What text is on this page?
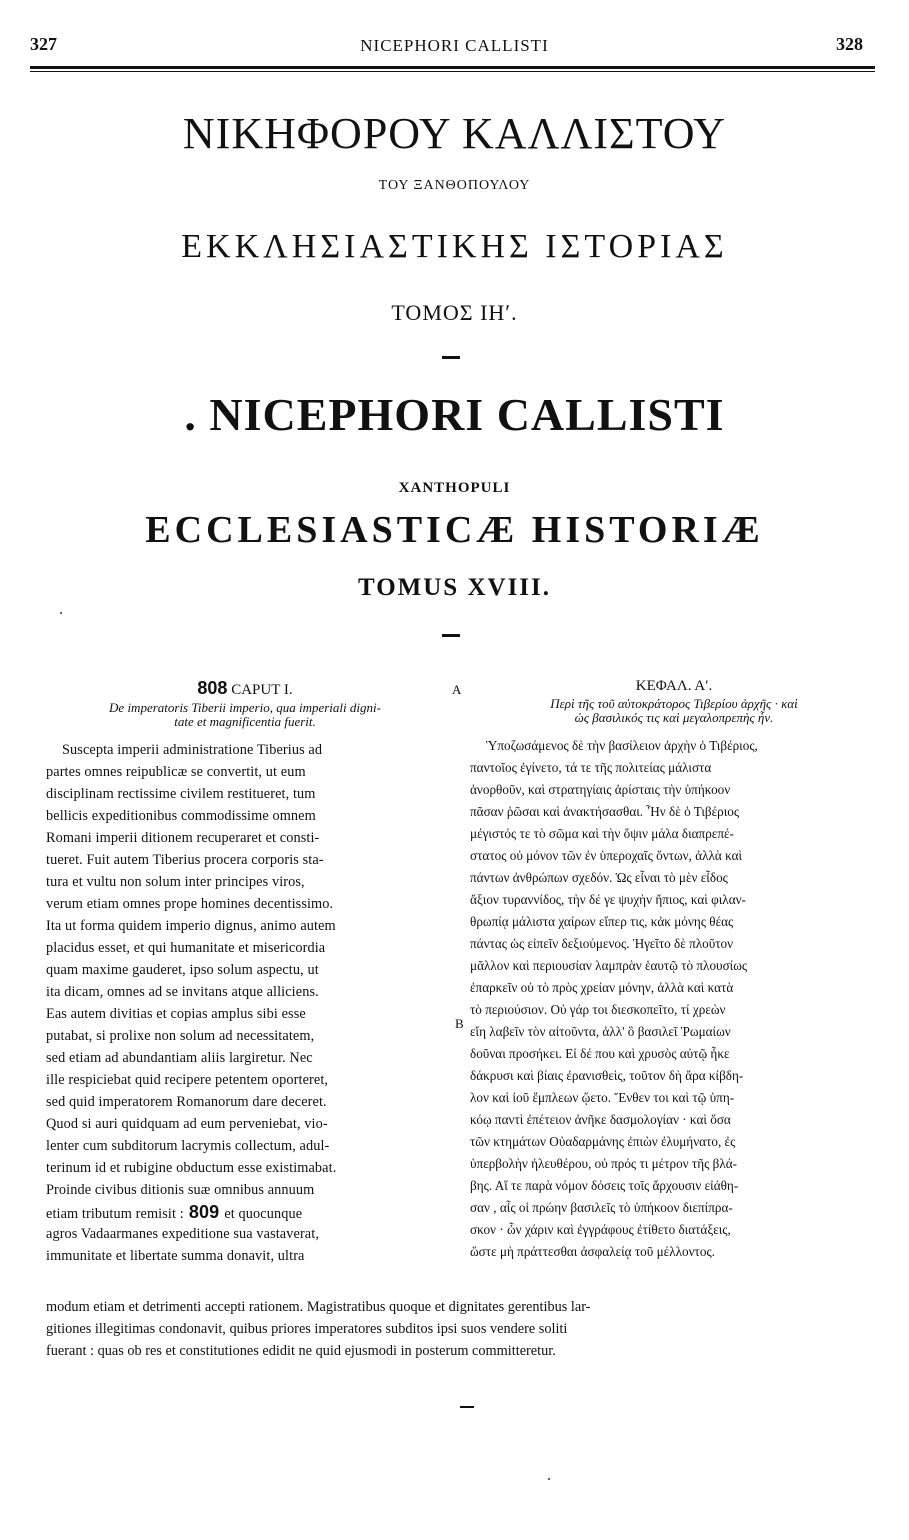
327	NICEPHORI CALLISTI	328
ΝΙΚΗΦΟΡΟΥ ΚΑΛΛΙΣΤΟΥ
ΤΟΥ ΞΑΝΘΟΠΟΥΛΟΥ
ΕΚΚΛΗΣΙΑΣΤΙΚΗΣ ΙΣΤΟΡΙΑΣ
ΤΟΜΟΣ ΙΗʹ.
. NICEPHORI CALLISTI
XANTHOPULI
ECCLESIASTICÆ HISTORIÆ
TOMUS XVIII.
A
B
808 CAPUT I.
De imperatoris Tiberii imperio, qua imperiali digni-
tate et magnificentia fuerit.
Suscepta imperii administratione Tiberius ad
partes omnes reipublicæ se convertit, ut eum
disciplinam rectissime civilem restitueret, tum
bellicis expeditionibus commodissime omnem
Romani imperii ditionem recuperaret et consti-
tueret. Fuit autem Tiberius procera corporis sta-
tura et vultu non solum inter principes viros,
verum etiam omnes prope homines decentissimo.
Ita ut forma quidem imperio dignus, animo autem
placidus esset, et qui humanitate et misericordia
quam maxime gauderet, ipso solum aspectu, ut
ita dicam, omnes ad se invitans atque alliciens.
Eas autem divitias et copias amplus sibi esse
putabat, si prolixe non solum ad necessitatem,
sed etiam ad abundantiam aliis largiretur. Nec
ille respiciebat quid recipere petentem oporteret,
sed quid imperatorem Romanorum dare deceret.
Quod si auri quidquam ad eum perveniebat, vio-
lenter cum subditorum lacrymis collectum, adul-
terinum id et rubigine obductum esse existimabat.
Proinde civibus ditionis suæ omnibus annuum
etiam tributum remisit : 809 et quocunque
agros Vadaarmanes expeditione sua vastaverat,
immunitate et libertate summa donavit, ultra
ΚΕΦΑΛ. Αʹ.
Περὶ τῆς τοῦ αὐτοκράτορος Τιβερίου ἀρχῆς · καὶ
ὡς βασιλικός τις καὶ μεγαλοπρεπὴς ἦν.
Ὑποζωσάμενος δὲ τὴν βασίλειον ἀρχὴν ὁ Τιβέριος,
παντοῖος ἐγίνετο, τά τε τῆς πολιτείας μάλιστα
ἀνορθοῦν, καὶ στρατηγίαις ἀρίσταις τὴν ὑπήκοον
πᾶσαν ῥῶσαι καὶ ἀνακτήσασθαι. Ἦν δὲ ὁ Τιβέριος
μέγιστός τε τὸ σῶμα καὶ τὴν ὄψιν μάλα διαπρεπέ-
στατος οὐ μόνον τῶν ἐν ὑπεροχαῖς ὄντων, ἀλλὰ καὶ
πάντων ἀνθρώπων σχεδόν. Ὡς εἶναι τὸ μὲν εἶδος
ἄξιον τυραννίδος, τὴν δέ γε ψυχὴν ἤπιος, καὶ φιλαν-
θρωπίᾳ μάλιστα χαίρων εἴπερ τις, κἀκ μόνης θέας
πάντας ὡς εἰπεῖν δεξιούμενος. Ἡγεῖτο δὲ πλοῦτον
μᾶλλον καὶ περιουσίαν λαμπρὰν ἑαυτῷ τὸ πλουσίως
ἐπαρκεῖν οὐ τὸ πρὸς χρείαν μόνην, ἀλλὰ καὶ κατὰ
τὸ περιούσιον. Οὐ γάρ τοι διεσκοπεῖτο, τί χρεὼν
εἴη λαβεῖν τὸν αἰτοῦντα, ἀλλ' ὃ βασιλεῖ Ῥωμαίων
δοῦναι προσήκει. Εἰ δέ που καὶ χρυσὸς αὐτῷ ἧκε
δάκρυσι καὶ βίαις ἐρανισθεὶς, τοῦτον δὴ ἄρα κίβδη-
λον καὶ ἰοῦ ἔμπλεων ᾤετο. Ἔνθεν τοι καὶ τῷ ὑπη-
κόῳ παντὶ ἐπέτειον ἀνῆκε δασμολογίαν · καὶ ὅσα
τῶν κτημάτων Οὐαδαρμάνης ἐπιὼν ἐλυμήνατο, ἐς
ὑπερβολὴν ἠλευθέρου, οὐ πρός τι μέτρον τῆς βλά-
βης. Αἵ τε παρὰ νόμον δόσεις τοῖς ἄρχουσιν εἰάθη-
σαν , αἷς οἱ πρώην βασιλεῖς τὸ ὑπήκοον διεπίπρα-
σκον · ὧν χάριν καὶ ἐγγράφους ἐτίθετο διατάξεις,
ὥστε μὴ πράττεσθαι ἀσφαλείᾳ τοῦ μέλλοντος.
modum etiam et detrimenti accepti rationem. Magistratibus quoque et dignitates gerentibus lar-
gitiones illegitimas condonavit, quibus priores imperatores subditos ipsi suos vendere soliti
fuerant : quas ob res et constitutiones edidit ne quid ejusmodi in posterum committeretur.
